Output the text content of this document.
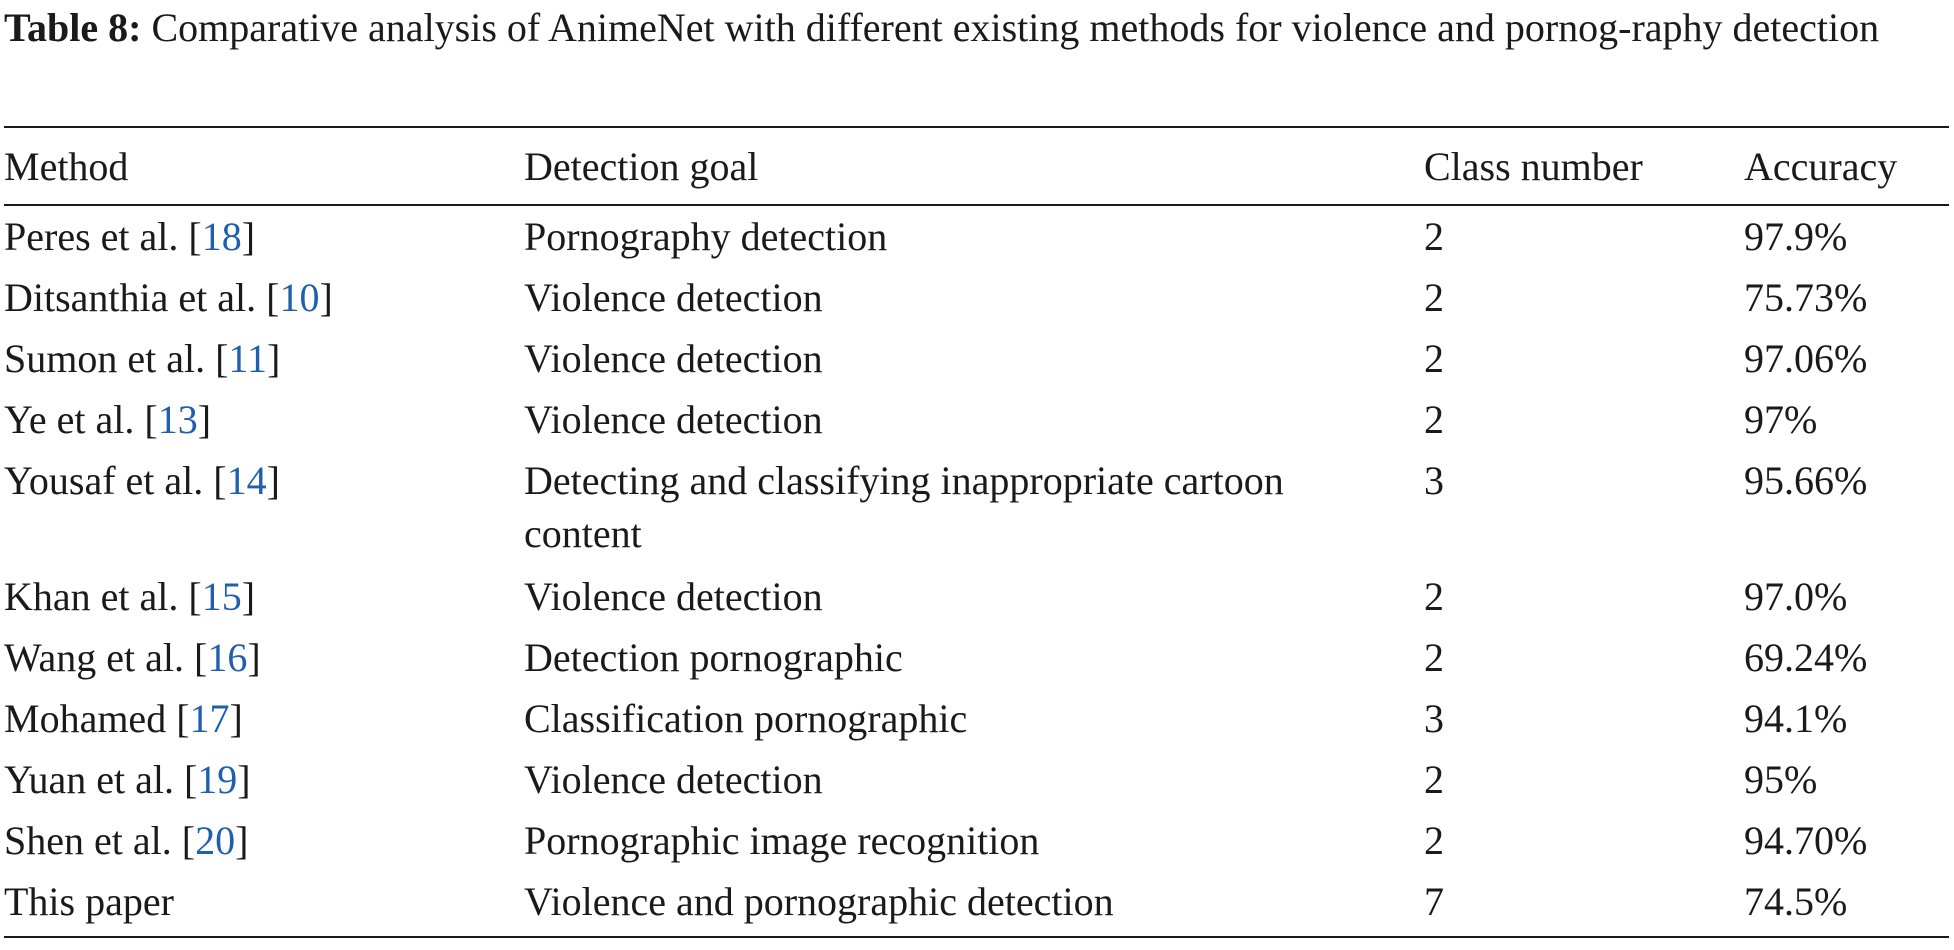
Table 8: Comparative analysis of AnimeNet with different existing methods for violence and pornog-raphy detection

Method	Detection goal	Class number	Accuracy
Peres et al. [18]	Pornography detection	2	97.9%
Ditsanthia et al. [10]	Violence detection	2	75.73%
Sumon et al. [11]	Violence detection	2	97.06%
Ye et al. [13]	Violence detection	2	97%
Yousaf et al. [14]	Detecting and classifying inappropriate cartoon content	3	95.66%
Khan et al. [15]	Violence detection	2	97.0%
Wang et al. [16]	Detection pornographic	2	69.24%
Mohamed [17]	Classification pornographic	3	94.1%
Yuan et al. [19]	Violence detection	2	95%
Shen et al. [20]	Pornographic image recognition	2	94.70%
This paper	Violence and pornographic detection	7	74.5%
